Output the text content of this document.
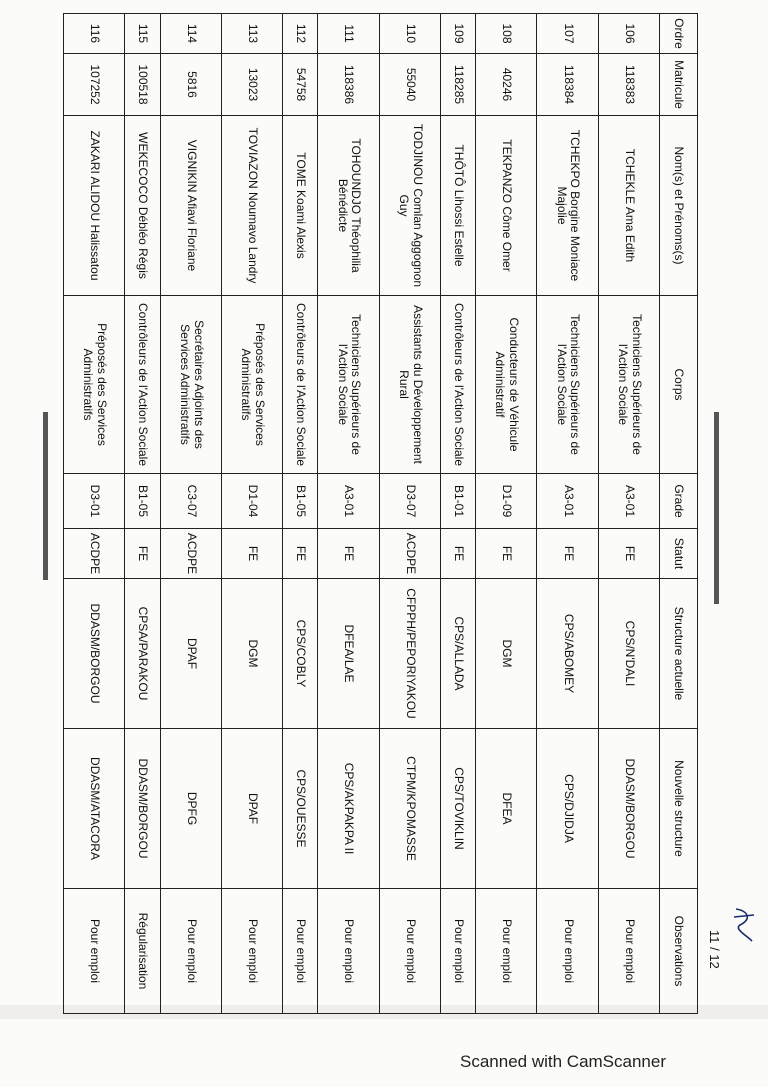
Ordre	Matricule	Nom(s) et Prénoms(s)	Corps	Grade	Statut	Structure actuelle	Nouvelle structure	Observations
106	118383	TCHEKLE Ama Edith	Techniciens Supérieurs de l'Action Sociale	A3-01	FE	CPS/N'DALI	DDASM/BORGOU	Pour emploi
107	118384	TCHEKPO Borgine Moniace Majolie	Techniciens Supérieurs de l'Action Sociale	A3-01	FE	CPS/ABOMEY	CPS/DJIDJA	Pour emploi
108	40246	TEKPANZO Côme Omer	Conducteurs de Véhicule Administratif	D1-09	FE	DGM	DFEA	Pour emploi
109	118285	THÔTÔ Lihossi Estelle	Contrôleurs de l'Action Sociale	B1-01	FE	CPS/ALLADA	CPS/TOVIKLIN	Pour emploi
110	55040	TODJINOU Comlan Aggognon Guy	Assistants du Développement Rural	D3-07	ACDPE	CFPPH/PEPORIYAKOU	CTPM/KPOMASSE	Pour emploi
111	118386	TOHOUNDJO Théophilia Bénédicte	Techniciens Supérieurs de l'Action Sociale	A3-01	FE	DFEA/LAE	CPS/AKPAKPA II	Pour emploi
112	54758	TOME Koami Alexis	Contrôleurs de l'Action Sociale	B1-05	FE	CPS/COBLY	CPS/OUESSE	Pour emploi
113	13023	TOVIAZON Noumavo Landry	Préposés des Services Administratifs	D1-04	FE	DGM	DPAF	Pour emploi
114	5816	VIGNIKIN Afiavi Floriane	Secrétaires Adjoints des Services Administratifs	C3-07	ACDPE	DPAF	DPFG	Pour emploi
115	100518	WEKECOCO Débléo Régis	Contrôleurs de l'Action Sociale	B1-05	FE	CPSA/PARAKOU	DDASM/BORGOU	Régularisation
116	107252	ZAKARI ALIDOU Halissatou	Préposés des Services Administratifs	D3-01	ACDPE	DDASM/BORGOU	DDASM/ATACORA	Pour emploi	11 / 12
Scanned with CamScanner
